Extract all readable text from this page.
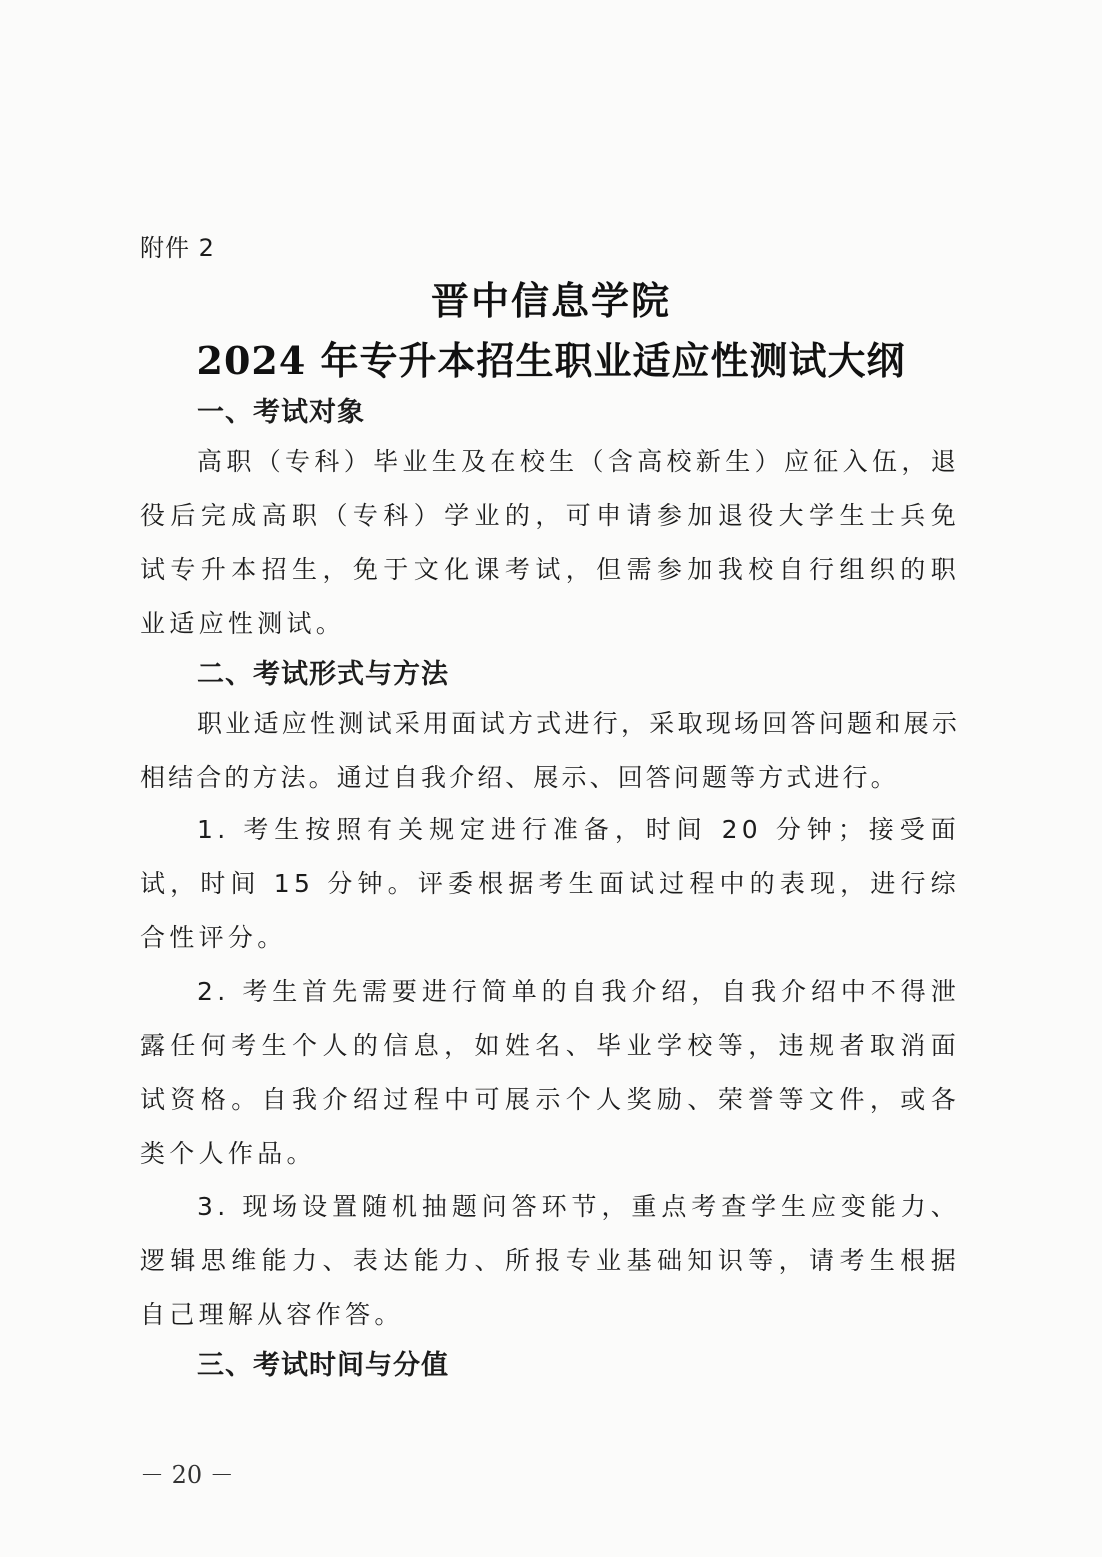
附件 2
晋中信息学院
2024 年专升本招生职业适应性测试大纲
一、考试对象
高职（专科）毕业生及在校生（含高校新生）应征入伍，退役后完成高职（专科）学业的，可申请参加退役大学生士兵免试专升本招生，免于文化课考试，但需参加我校自行组织的职业适应性测试。
二、考试形式与方法
职业适应性测试采用面试方式进行，采取现场回答问题和展示相结合的方法。通过自我介绍、展示、回答问题等方式进行。
1. 考生按照有关规定进行准备，时间 20 分钟；接受面试，时间 15 分钟。评委根据考生面试过程中的表现，进行综合性评分。
2. 考生首先需要进行简单的自我介绍，自我介绍中不得泄露任何考生个人的信息，如姓名、毕业学校等，违规者取消面试资格。自我介绍过程中可展示个人奖励、荣誉等文件，或各类个人作品。
3. 现场设置随机抽题问答环节，重点考查学生应变能力、逻辑思维能力、表达能力、所报专业基础知识等，请考生根据自己理解从容作答。
三、考试时间与分值
－ 20 －
